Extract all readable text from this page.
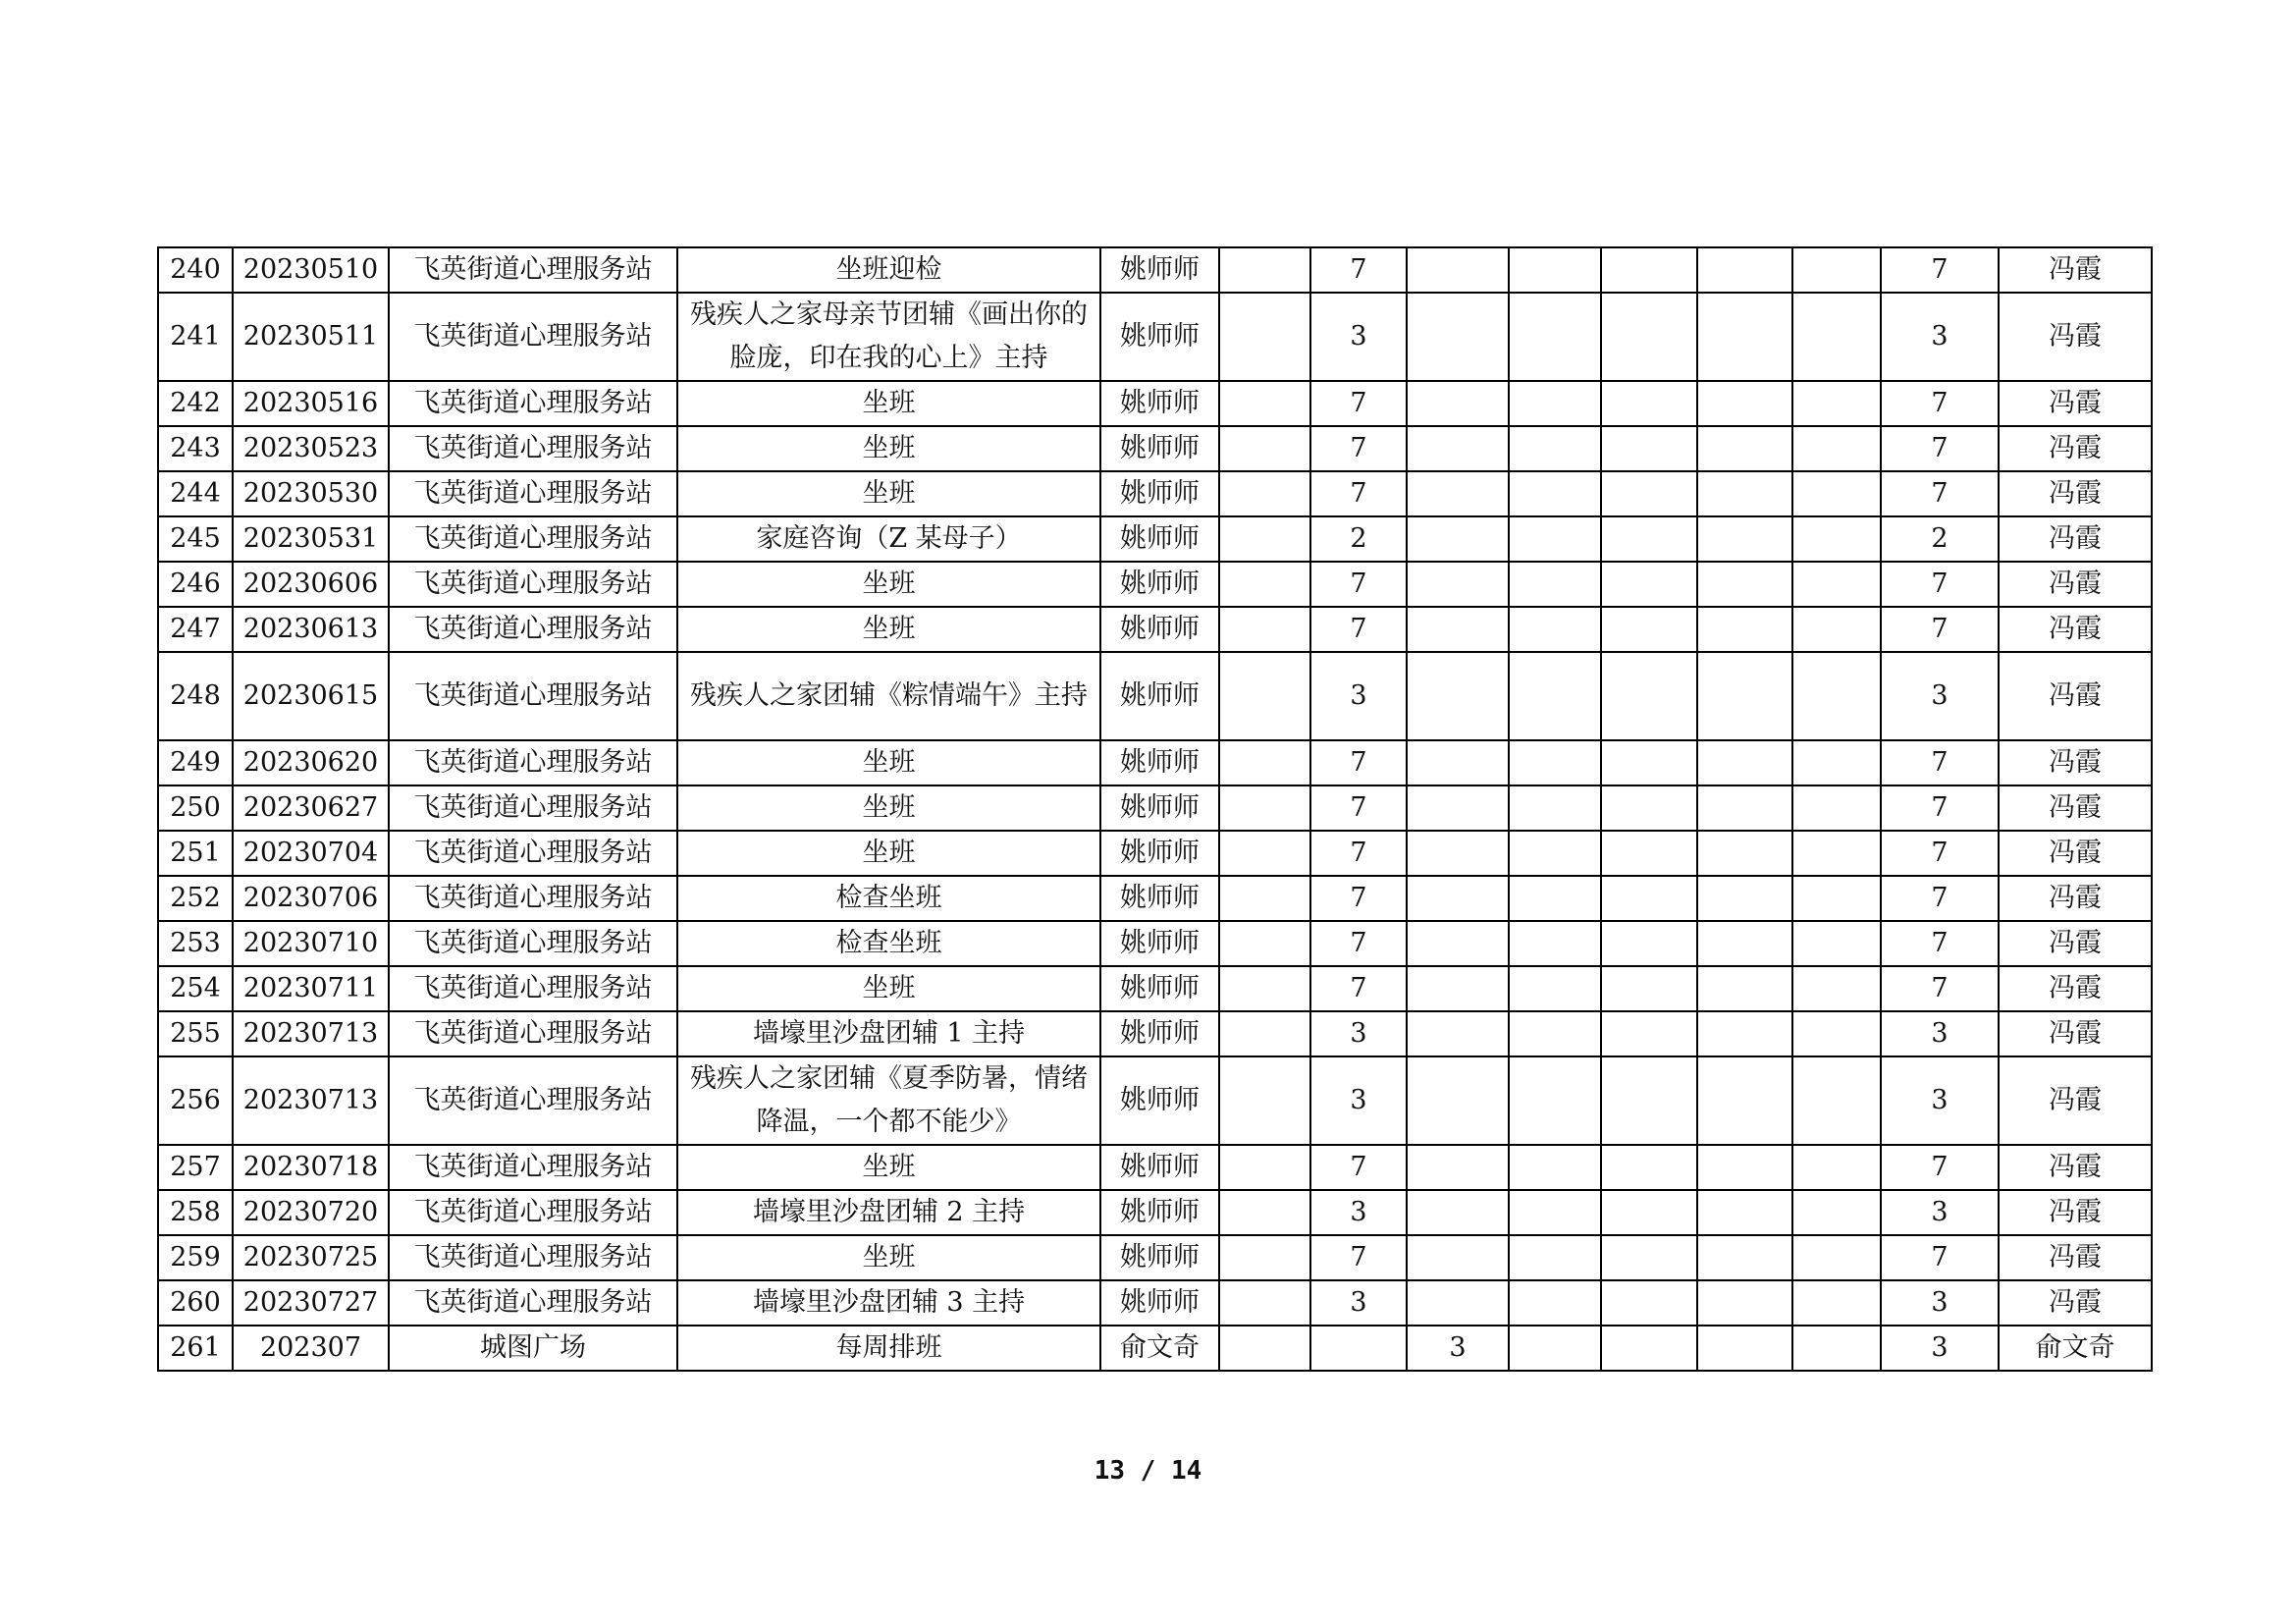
240	20230510	飞英街道心理服务站	坐班迎检	姚师师		7						7	冯霞
241	20230511	飞英街道心理服务站	残疾人之家母亲节团辅《画出你的脸庞，印在我的心上》主持	姚师师		3						3	冯霞
242	20230516	飞英街道心理服务站	坐班	姚师师		7						7	冯霞
243	20230523	飞英街道心理服务站	坐班	姚师师		7						7	冯霞
244	20230530	飞英街道心理服务站	坐班	姚师师		7						7	冯霞
245	20230531	飞英街道心理服务站	家庭咨询（Z 某母子）	姚师师		2						2	冯霞
246	20230606	飞英街道心理服务站	坐班	姚师师		7						7	冯霞
247	20230613	飞英街道心理服务站	坐班	姚师师		7						7	冯霞
248	20230615	飞英街道心理服务站	残疾人之家团辅《粽情端午》主持	姚师师		3						3	冯霞
249	20230620	飞英街道心理服务站	坐班	姚师师		7						7	冯霞
250	20230627	飞英街道心理服务站	坐班	姚师师		7						7	冯霞
251	20230704	飞英街道心理服务站	坐班	姚师师		7						7	冯霞
252	20230706	飞英街道心理服务站	检查坐班	姚师师		7						7	冯霞
253	20230710	飞英街道心理服务站	检查坐班	姚师师		7						7	冯霞
254	20230711	飞英街道心理服务站	坐班	姚师师		7						7	冯霞
255	20230713	飞英街道心理服务站	墙壕里沙盘团辅 1 主持	姚师师		3						3	冯霞
256	20230713	飞英街道心理服务站	残疾人之家团辅《夏季防暑，情绪降温，一个都不能少》	姚师师		3						3	冯霞
257	20230718	飞英街道心理服务站	坐班	姚师师		7						7	冯霞
258	20230720	飞英街道心理服务站	墙壕里沙盘团辅 2 主持	姚师师		3						3	冯霞
259	20230725	飞英街道心理服务站	坐班	姚师师		7						7	冯霞
260	20230727	飞英街道心理服务站	墙壕里沙盘团辅 3 主持	姚师师		3						3	冯霞
261	202307	城图广场	每周排班	俞文奇			3					3	俞文奇
13 / 14
